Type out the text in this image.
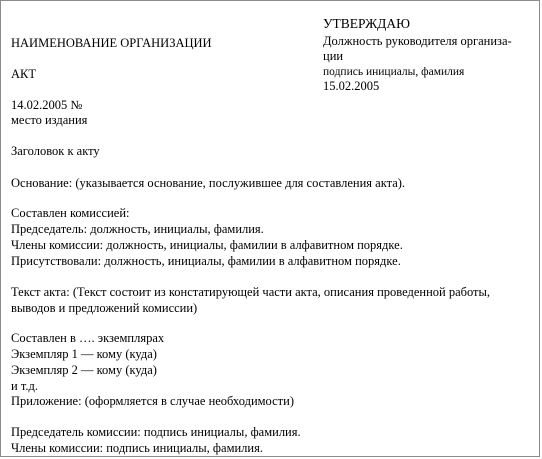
УТВЕРЖДАЮ
Должность руководителя организа-
ции
подпись инициалы, фамилия
15.02.2005
НАИМЕНОВАНИЕ ОРГАНИЗАЦИИ
АКТ
14.02.2005 №
место издания
Заголовок к акту
Основание: (указывается основание, послужившее для составления акта).
Составлен комиссией:
Председатель: должность, инициалы, фамилия.
Члены комиссии: должность, инициалы, фамилии в алфавитном порядке.
Присутствовали: должность, инициалы, фамилии в алфавитном порядке.
Текст акта: (Текст состоит из констатирующей части акта, описания проведенной работы,
выводов и предложений комиссии)
Составлен в …. экземплярах
Экземпляр 1 — кому (куда)
Экземпляр 2 — кому (куда)
и т.д.
Приложение: (оформляется в случае необходимости)
Председатель комиссии: подпись инициалы, фамилия.
Члены комиссии: подпись инициалы, фамилия.
